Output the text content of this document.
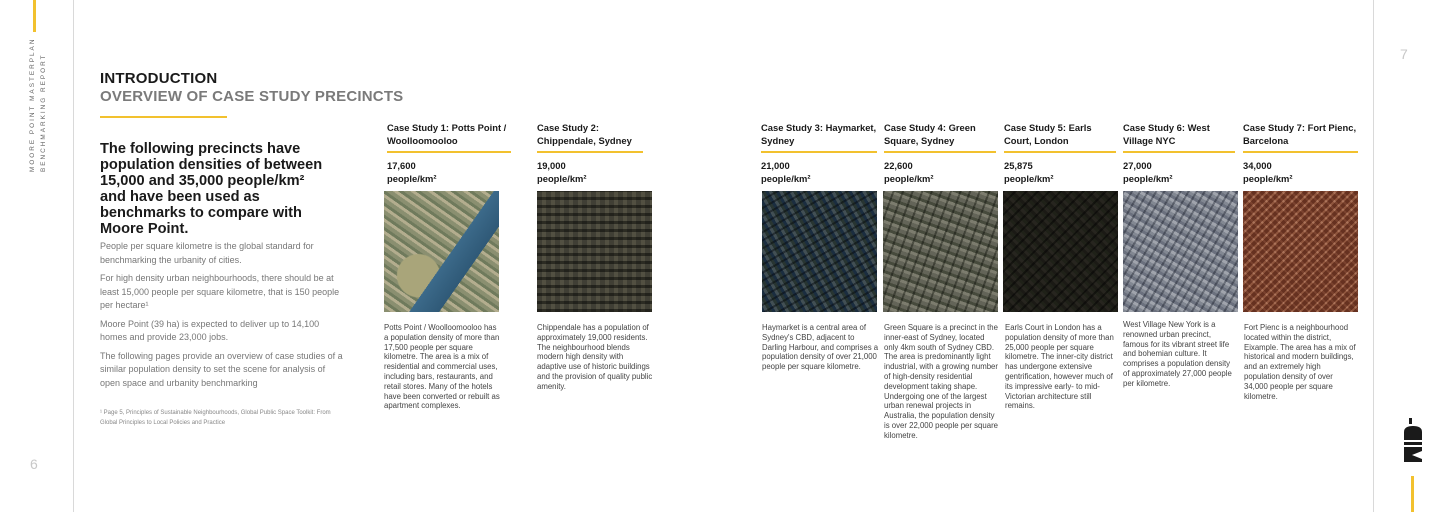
MOORE POINT MASTERPLAN BENCHMARKING REPORT
6
7
INTRODUCTION
OVERVIEW OF CASE STUDY PRECINCTS
The following precincts have population densities of between 15,000 and 35,000 people/km² and have been used as benchmarks to compare with Moore Point.

People per square kilometre is the global standard for benchmarking the urbanity of cities.

For high density urban neighbourhoods, there should be at least 15,000 people per square kilometre, that is 150 people per hectare¹

Moore Point (39 ha) is expected to deliver up to 14,100 homes and provide 23,000 jobs.

The following pages provide an overview of case studies of a similar population density to set the scene for analysis of open space and urbanity benchmarking

¹ Page 5, Principles of Sustainable Neighbourhoods, Global Public Space Toolkit: From Global Principles to Local Policies and Practice
Case Study 1: Potts Point / Woolloomooloo
17,600
people/km²
Potts Point / Woolloomooloo has a population density of more than 17,500 people per square kilometre. The area is a mix of residential and commercial uses, including bars, restaurants, and retail stores. Many of the hotels have been converted or rebuilt as apartment complexes.
Case Study 2: Chippendale, Sydney
19,000
people/km²
Chippendale has a population of approximately 19,000 residents. The neighbourhood blends modern high density with adaptive use of historic buildings and the provision of quality public amenity.
Case Study 3: Haymarket, Sydney
21,000
people/km²
Haymarket is a central area of Sydney's CBD, adjacent to Darling Harbour, and comprises a population density of over 21,000 people per square kilometre.
Case Study 4: Green Square, Sydney
22,600
people/km²
Green Square is a precinct in the inner-east of Sydney, located only 4km south of Sydney CBD. The area is predominantly light industrial, with a growing number of high-density residential development taking shape. Undergoing one of the largest urban renewal projects in Australia, the population density is over 22,000 people per square kilometre.
Case Study 5: Earls Court, London
25,875
people/km²
Earls Court in London has a population density of more than 25,000 people per square kilometre. The inner-city district has undergone extensive gentrification, however much of its impressive early- to mid-Victorian architecture still remains.
Case Study 6: West Village NYC
27,000
people/km²
West Village New York is a renowned urban precinct, famous for its vibrant street life and bohemian culture. It comprises a population density of approximately 27,000 people per kilometre.
Case Study 7: Fort Pienc, Barcelona
34,000
people/km²
Fort Pienc is a neighbourhood located within the district, Eixample. The area has a mix of historical and modern buildings, and an extremely high population density of over 34,000 people per square kilometre.
